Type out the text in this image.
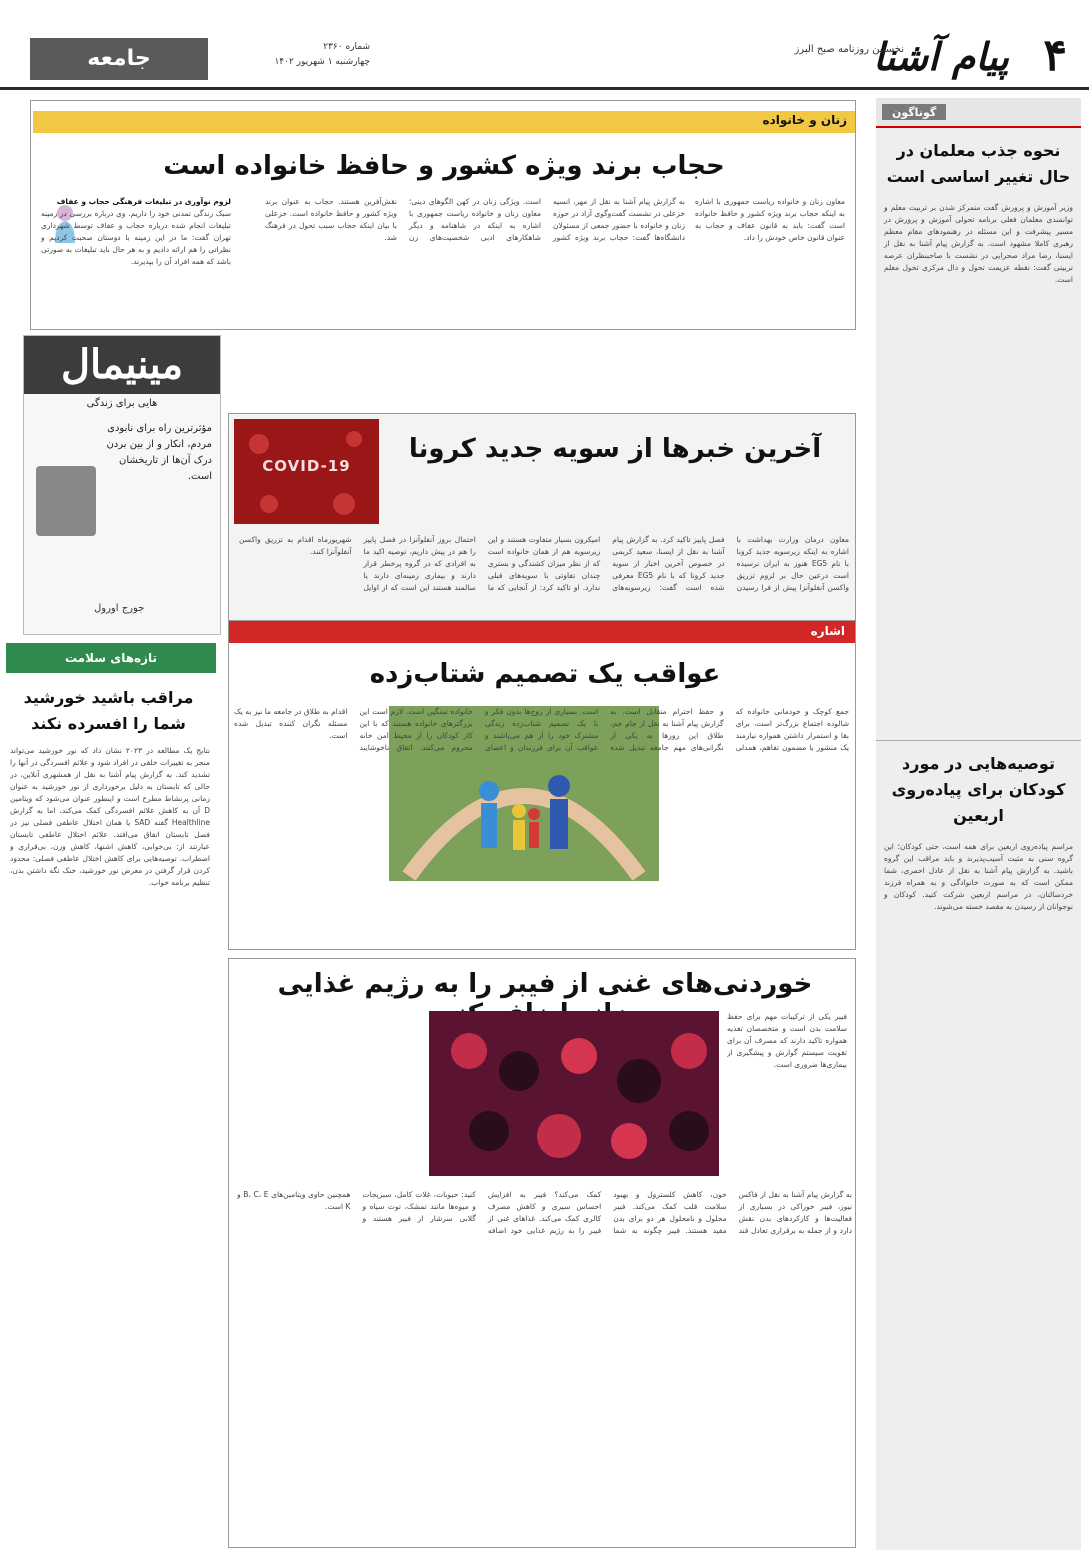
۴
پیام آشنا
نخستین روزنامه صبح البرز
شماره ۲۳۶۰
چهارشنبه ۱ شهریور ۱۴۰۲
جامعه
گوناگون
نحوه جذب معلمان در حال تغییر اساسی است
وزیر آموزش و پرورش گفت متمرکز شدن بر تربیت معلم و توانمندی معلمان فعلی برنامه تحولی آموزش و پرورش در مسیر پیشرفت و این مسئله در رهنمودهای مقام معظم رهبری کاملا مشهود است. به گزارش پیام آشنا به نقل از ایسنا، رضا مراد صحرایی در نشست با صاحبنظران عرصه تربیتی گفت: نقطه عزیمت تحول و دال مرکزی تحول معلم است.
توصیه‌هایی در مورد کودکان برای پیاده‌روی اربعین
مراسم پیاده‌روی اربعین برای همه است، حتی کودکان؛ این گروه سنی به مثبت آسیب‌پذیرند و باید مراقب این گروه باشید. به گزارش پیام آشنا به نقل از عادل احمری، شما ممکن است که به صورت خانوادگی و به همراه فرزند خردسالتان، در مراسم اربعین شرکت کنید. کودکان و نوجوانان از رسیدن به مقصد خسته می‌شوند.
زنان و خانواده
حجاب برند ویژه کشور و حافظ خانواده است
معاون زنان و خانواده ریاست جمهوری با اشاره به اینکه حجاب برند ویژه کشور و حافظ خانواده است گفت: باید به قانون عفاف و حجاب به عنوان قانون خاص خودش را داد.
به گزارش پیام آشنا به نقل از مهر، انسیه خزعلی در نشست گفت‌وگوی آزاد در حوزه زنان و خانواده با حضور جمعی از مسئولان دانشگاه‌ها گفت: حجاب برند ویژه کشور است. ویژگی زنان در کهن الگوهای دینی؛ معاون زنان و خانواده ریاست جمهوری با اشاره به اینکه در شاهنامه و دیگر شاهکارهای ادبی شخصیت‌های زن نقش‌آفرین هستند. حجاب به عنوان برند ویژه کشور و حافظ خانواده است. خزعلی با بیان اینکه حجاب سبب تحول در فرهنگ شد.
لزوم نوآوری در تبلیغات فرهنگی حجاب و عفاف
سبک زندگی تمدنی خود را داریم. وی درباره بررسی در زمینه تبلیغات انجام شده درباره حجاب و عفاف توسط شهرداری تهران گفت: ما در این زمینه با دوستان صحبت کردیم و نظراتی را هم ارائه دادیم و به هر حال باید تبلیغات به صورتی باشد که همه افراد آن را بپذیرند.
مینیمال
هایی برای زندگی
مؤثرترین راه برای نابودی مردم، انکار و از بین بردن درک آن‌ها از تاریخشان است.
جورج اورول
تازه‌های سلامت
مراقب باشید خورشید شما را افسرده نکند
نتایج یک مطالعه در ۲۰۲۳ نشان داد که نور خورشید می‌تواند منجر به تغییرات خلقی در افراد شود و علائم افسردگی در آنها را تشدید کند. به گزارش پیام آشنا به نقل از همشهری آنلاین، در حالی که تابستان به دلیل برخورداری از نور خورشید به عنوان زمانی پرنشاط مطرح است و اینطور عنوان می‌شود که ویتامین D آن به کاهش علائم افسردگی کمک می‌کند، اما به گزارش Healthline گفته SAD یا همان اختلال عاطفی فصلی نیز در فصل تابستان اتفاق می‌افتد. علائم اختلال عاطفی تابستان عبارتند از: بی‌خوابی، کاهش اشتها، کاهش وزن، بی‌قراری و اضطراب. توصیه‌هایی برای کاهش اختلال عاطفی فصلی: محدود کردن قرار گرفتن در معرض نور خورشید، خنک نگه داشتن بدن، تنظیم برنامه خواب.
COVID-19
آخرین خبرها از سویه جدید کرونا
معاون درمان وزارت بهداشت با اشاره به اینکه زیرسویه جدید کرونا با نام EG5 هنوز به ایران نرسیده است درعین حال بر لزوم تزریق واکسن آنفلوآنزا پیش از فرا رسیدن فصل پاییز تاکید کرد. به گزارش پیام آشنا به نقل از ایسنا، سعید کریمی در خصوص آخرین اخبار از سویه جدید کرونا که با نام EG5 معرفی شده است گفت: زیرسویه‌های امیکرون بسیار متفاوت هستند و این زیرسویه هم از همان خانواده است که از نظر میزان کشندگی و بستری چندان تفاوتی با سویه‌های قبلی ندارد. او تاکید کرد: از آنجایی که ما احتمال بروز آنفلوآنزا در فصل پاییز را هم در پیش داریم، توصیه اکید ما به افرادی که در گروه پرخطر قرار دارند و بیماری زمینه‌ای دارند یا سالمند هستند این است که از اوایل شهریورماه اقدام به تزریق واکسن آنفلوآنزا کنند.
اشاره
عواقب یک تصمیم شتاب‌زده
جمع کوچک و خودمانی خانواده که شالوده اجتماع بزرگ‌تر است، برای بقا و استمرار داشتن همواره نیازمند یک منشور با مضمون تفاهم، همدلی و حفظ احترام متقابل است. به گزارش پیام آشنا به نقل از جام جم، طلاق این روزها به یکی از نگرانی‌های مهم جامعه تبدیل شده است. بسیاری از زوج‌ها بدون فکر و با یک تصمیم شتاب‌زده زندگی مشترک خود را از هم می‌پاشند و عواقب آن برای فرزندان و اعضای خانواده سنگین است. لازم است این بزرگترهای خانواده هستند که با این کار کودکان را از محیط امن خانه محروم می‌کنند. اتفاق ناخوشایند اقدام به طلاق در جامعه ما نیز به یک مسئله نگران کننده تبدیل شده است.
خوردنی‌های غنی از فیبر را به رژیم غذایی
فیبر یکی از ترکیبات مهم برای حفظ سلامت بدن است و متخصصان تغذیه همواره تاکید دارند که مصرف آن برای تقویت سیستم گوارش و پیشگیری از بیماری‌ها ضروری است.
به گزارش پیام آشنا به نقل از فاکس نیوز، فیبر خوراکی در بسیاری از فعالیت‌ها و کارکردهای بدن نقش دارد و از جمله به برقراری تعادل قند خون، کاهش کلسترول و بهبود سلامت قلب کمک می‌کند. فیبر محلول و نامحلول هر دو برای بدن مفید هستند. فیبر چگونه به شما کمک می‌کند؟ فیبر به افزایش احساس سیری و کاهش مصرف کالری کمک می‌کند. غذاهای غنی از فیبر را به رژیم غذایی خود اضافه کنید: حبوبات، غلات کامل، سبزیجات و میوه‌ها مانند تمشک، توت سیاه و گلابی سرشار از فیبر هستند و همچنین حاوی ویتامین‌های B، C، E و K است.
